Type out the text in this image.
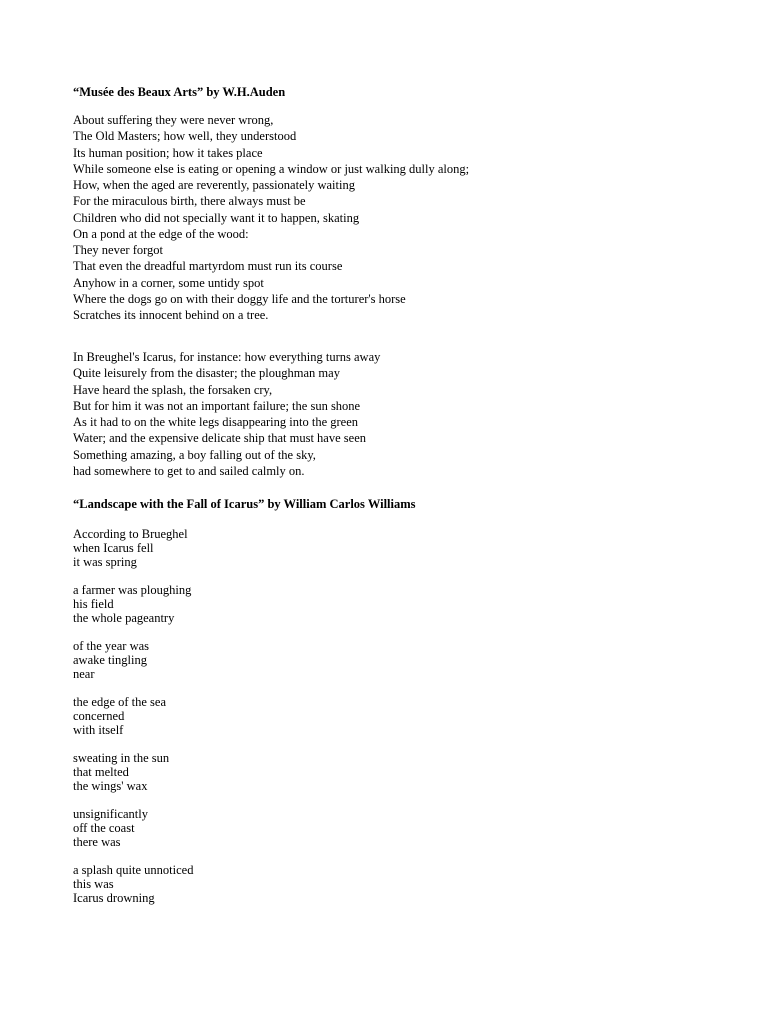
“Musée des Beaux Arts” by W.H.Auden
About suffering they were never wrong,
The Old Masters; how well, they understood
Its human position; how it takes place
While someone else is eating or opening a window or just walking dully along;
How, when the aged are reverently, passionately waiting
For the miraculous birth, there always must be
Children who did not specially want it to happen, skating
On a pond at the edge of the wood:
They never forgot
That even the dreadful martyrdom must run its course
Anyhow in a corner, some untidy spot
Where the dogs go on with their doggy life and the torturer's horse
Scratches its innocent behind on a tree.
In Breughel's Icarus, for instance: how everything turns away
Quite leisurely from the disaster; the ploughman may
Have heard the splash, the forsaken cry,
But for him it was not an important failure; the sun shone
As it had to on the white legs disappearing into the green
Water; and the expensive delicate ship that must have seen
Something amazing, a boy falling out of the sky,
had somewhere to get to and sailed calmly on.
“Landscape with the Fall of Icarus” by William Carlos Williams
According to Brueghel
when Icarus fell
it was spring
a farmer was ploughing
his field
the whole pageantry
of the year was
awake tingling
near
the edge of the sea
concerned
with itself
sweating in the sun
that melted
the wings' wax
unsignificantly
off the coast
there was
a splash quite unnoticed
this was
Icarus drowning
